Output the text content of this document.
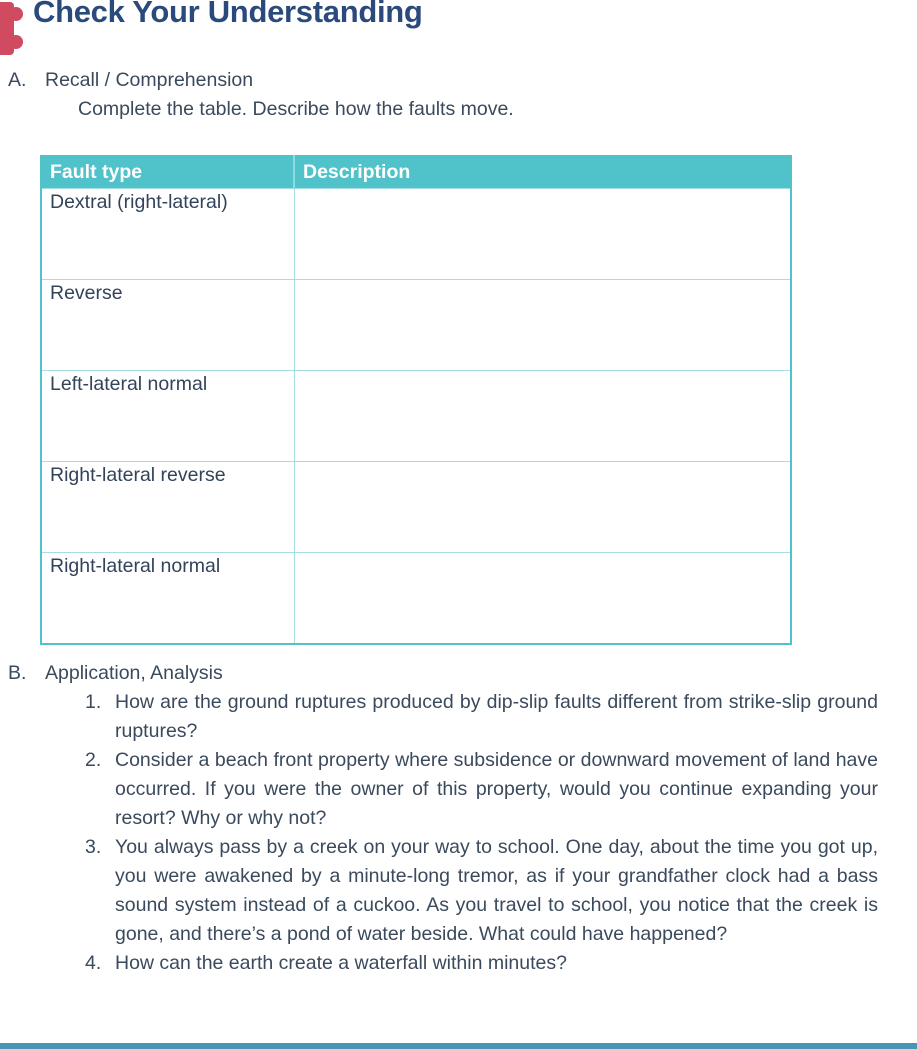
Check Your Understanding
A. Recall / Comprehension
Complete the table. Describe how the faults move.
Fault type	Description
Dextral (right-lateral)	
Reverse	
Left-lateral normal	
Right-lateral reverse	
Right-lateral normal	
B. Application, Analysis
1. How are the ground ruptures produced by dip-slip faults different from strike-slip ground ruptures?
2. Consider a beach front property where subsidence or downward movement of land have occurred. If you were the owner of this property, would you continue expanding your resort? Why or why not?
3. You always pass by a creek on your way to school. One day, about the time you got up, you were awakened by a minute-long tremor, as if your grandfather clock had a bass sound system instead of a cuckoo. As you travel to school, you notice that the creek is gone, and there’s a pond of water beside. What could have happened?
4. How can the earth create a waterfall within minutes?
